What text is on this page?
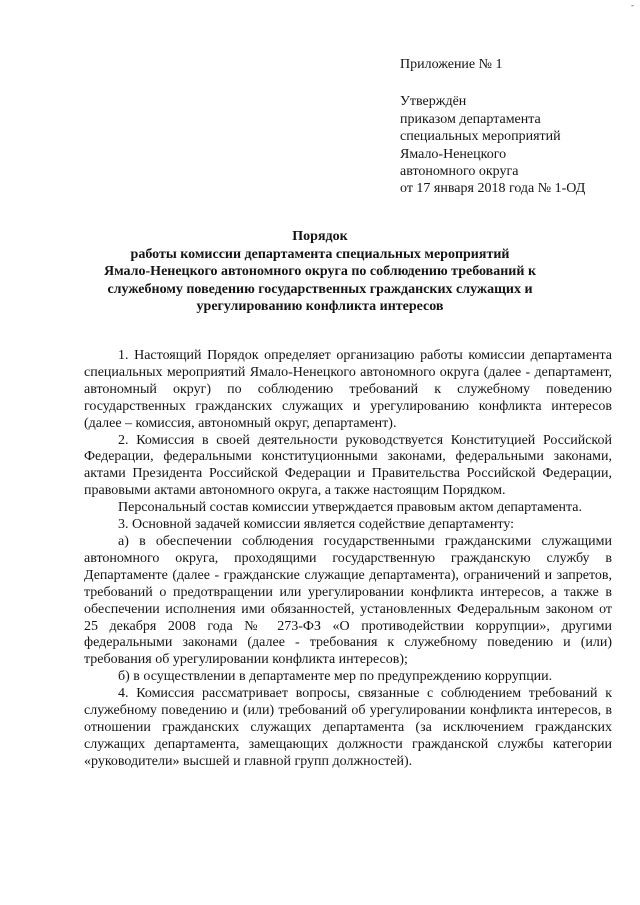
-
Приложение № 1
Утверждён
приказом департамента
специальных мероприятий
Ямало-Ненецкого
автономного округа
от 17 января 2018 года № 1-ОД
Порядок
работы комиссии департамента специальных мероприятий
Ямало-Ненецкого автономного округа по соблюдению требований к
служебному поведению государственных гражданских служащих и
урегулированию конфликта интересов

1. Настоящий Порядок определяет организацию работы комиссии департамента специальных мероприятий Ямало-Ненецкого автономного округа (далее - департамент, автономный округ) по соблюдению требований к служебному поведению государственных гражданских служащих и урегулированию конфликта интересов (далее – комиссия, автономный округ, департамент).

2. Комиссия в своей деятельности руководствуется Конституцией Российской Федерации, федеральными конституционными законами, федеральными законами, актами Президента Российской Федерации и Правительства Российской Федерации, правовыми актами автономного округа, а также настоящим Порядком.

Персональный состав комиссии утверждается правовым актом департамента.

3. Основной задачей комиссии является содействие департаменту:

а) в обеспечении соблюдения государственными гражданскими служащими автономного округа, проходящими государственную гражданскую службу в Департаменте (далее - гражданские служащие департамента), ограничений и запретов, требований о предотвращении или урегулировании конфликта интересов, а также в обеспечении исполнения ими обязанностей, установленных Федеральным законом от 25 декабря 2008 года № 273-ФЗ «О противодействии коррупции», другими федеральными законами (далее - требования к служебному поведению и (или) требования об урегулировании конфликта интересов);

б) в осуществлении в департаменте мер по предупреждению коррупции.

4. Комиссия рассматривает вопросы, связанные с соблюдением требований к служебному поведению и (или) требований об урегулировании конфликта интересов, в отношении гражданских служащих департамента (за исключением гражданских служащих департамента, замещающих должности гражданской службы категории «руководители» высшей и главной групп должностей).
